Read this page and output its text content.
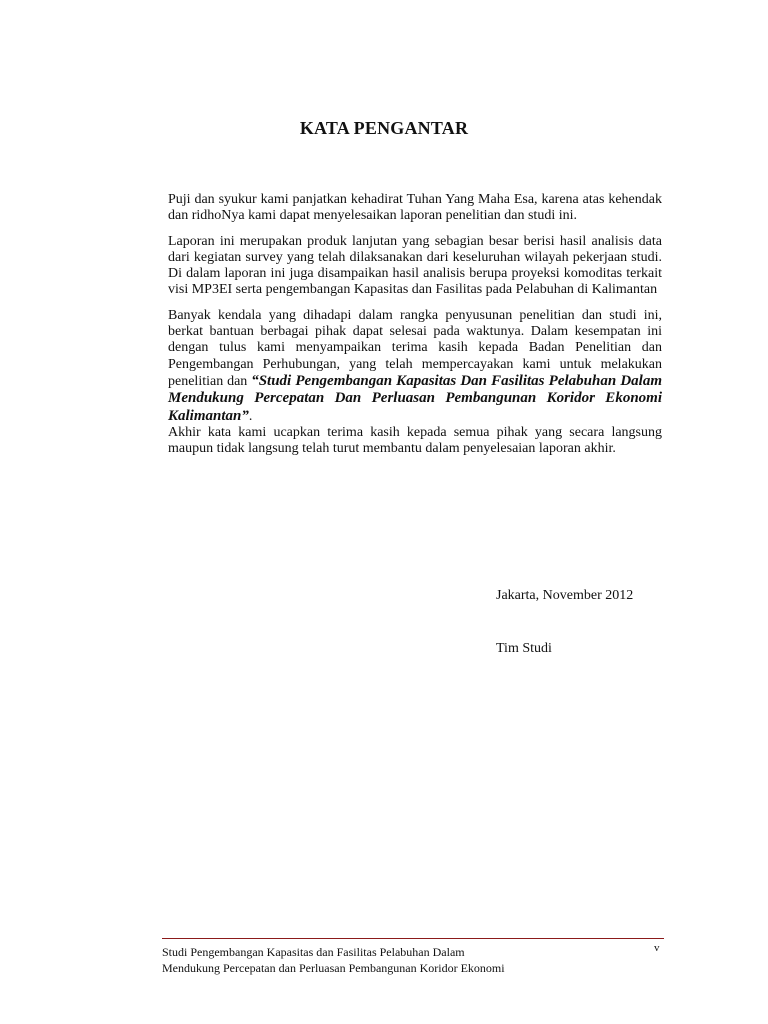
KATA PENGANTAR

Puji dan syukur kami panjatkan kehadirat Tuhan Yang Maha Esa, karena atas kehendak dan ridhoNya kami dapat menyelesaikan laporan penelitian dan studi ini.

Laporan ini merupakan produk lanjutan yang sebagian besar berisi hasil analisis data dari kegiatan survey yang telah dilaksanakan dari keseluruhan wilayah pekerjaan studi. Di dalam laporan ini juga disampaikan hasil analisis berupa proyeksi komoditas terkait visi MP3EI serta pengembangan Kapasitas dan Fasilitas pada Pelabuhan di Kalimantan

Banyak kendala yang dihadapi dalam rangka penyusunan penelitian dan studi ini, berkat bantuan berbagai pihak dapat selesai pada waktunya. Dalam kesempatan ini dengan tulus kami menyampaikan terima kasih kepada Badan Penelitian dan Pengembangan Perhubungan, yang telah mempercayakan kami untuk melakukan penelitian dan “Studi Pengembangan Kapasitas Dan Fasilitas Pelabuhan Dalam Mendukung Percepatan Dan Perluasan Pembangunan Koridor Ekonomi Kalimantan”.

Akhir kata kami ucapkan terima kasih kepada semua pihak yang secara langsung maupun tidak langsung telah turut membantu dalam penyelesaian laporan akhir.

Jakarta, November 2012
Tim Studi
Studi Pengembangan Kapasitas dan Fasilitas Pelabuhan Dalam
Mendukung Percepatan dan Perluasan Pembangunan Koridor Ekonomi
v
